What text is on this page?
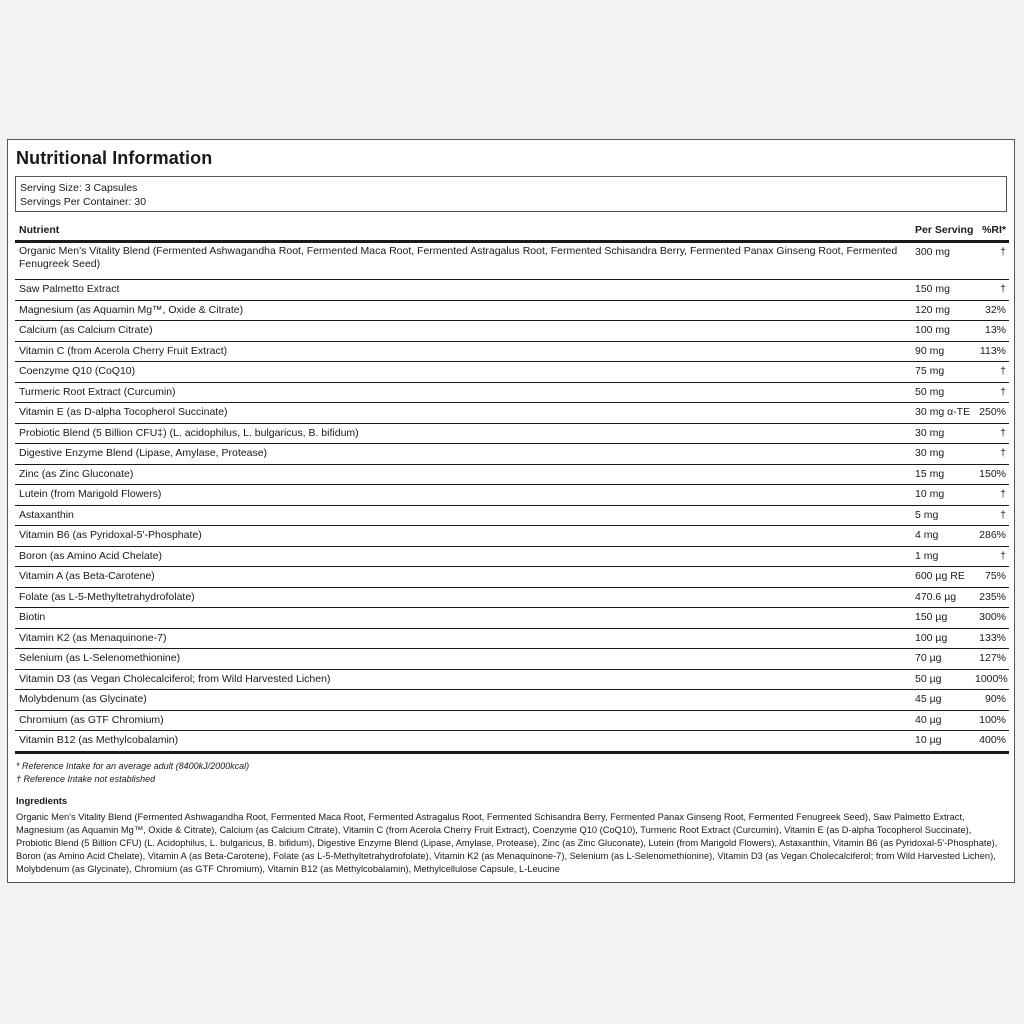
Nutritional Information
Serving Size: 3 Capsules
Servings Per Container: 30
Nutrient	Per Serving	%RI*
Organic Men's Vitality Blend (Fermented Ashwagandha Root, Fermented Maca Root, Fermented Astragalus Root, Fermented Schisandra Berry, Fermented Panax Ginseng Root, Fermented Fenugreek Seed)	300 mg	†
Saw Palmetto Extract	150 mg	†
Magnesium (as Aquamin Mg™, Oxide & Citrate)	120 mg	32%
Calcium (as Calcium Citrate)	100 mg	13%
Vitamin C (from Acerola Cherry Fruit Extract)	90 mg	113%
Coenzyme Q10 (CoQ10)	75 mg	†
Turmeric Root Extract (Curcumin)	50 mg	†
Vitamin E (as D-alpha Tocopherol Succinate)	30 mg α-TE	250%
Probiotic Blend (5 Billion CFU‡) (L. acidophilus, L. bulgaricus, B. bifidum)	30 mg	†
Digestive Enzyme Blend (Lipase, Amylase, Protease)	30 mg	†
Zinc (as Zinc Gluconate)	15 mg	150%
Lutein (from Marigold Flowers)	10 mg	†
Astaxanthin	5 mg	†
Vitamin B6 (as Pyridoxal-5'-Phosphate)	4 mg	286%
Boron (as Amino Acid Chelate)	1 mg	†
Vitamin A (as Beta-Carotene)	600 µg RE	75%
Folate (as L-5-Methyltetrahydrofolate)	470.6 µg	235%
Biotin	150 µg	300%
Vitamin K2 (as Menaquinone-7)	100 µg	133%
Selenium (as L-Selenomethionine)	70 µg	127%
Vitamin D3 (as Vegan Cholecalciferol; from Wild Harvested Lichen)	50 µg	1000%
Molybdenum (as Glycinate)	45 µg	90%
Chromium (as GTF Chromium)	40 µg	100%
Vitamin B12 (as Methylcobalamin)	10 µg	400%
* Reference Intake for an average adult (8400kJ/2000kcal)
† Reference Intake not established
Ingredients
Organic Men's Vitality Blend (Fermented Ashwagandha Root, Fermented Maca Root, Fermented Astragalus Root, Fermented Schisandra Berry, Fermented Panax Ginseng Root, Fermented Fenugreek Seed), Saw Palmetto Extract, Magnesium (as Aquamin Mg™, Oxide & Citrate), Calcium (as Calcium Citrate), Vitamin C (from Acerola Cherry Fruit Extract), Coenzyme Q10 (CoQ10), Turmeric Root Extract (Curcumin), Vitamin E (as D-alpha Tocopherol Succinate), Probiotic Blend (5 Billion CFU) (L. Acidophilus, L. bulgaricus, B. bifidum), Digestive Enzyme Blend (Lipase, Amylase, Protease), Zinc (as Zinc Gluconate), Lutein (from Marigold Flowers), Astaxanthin, Vitamin B6 (as Pyridoxal-5'-Phosphate), Boron (as Amino Acid Chelate), Vitamin A (as Beta-Carotene), Folate (as L-5-Methyltetrahydrofolate), Vitamin K2 (as Menaquinone-7), Selenium (as L-Selenomethionine), Vitamin D3 (as Vegan Cholecalciferol; from Wild Harvested Lichen), Molybdenum (as Glycinate), Chromium (as GTF Chromium), Vitamin B12 (as Methylcobalamin), Methylcellulose Capsule, L-Leucine
